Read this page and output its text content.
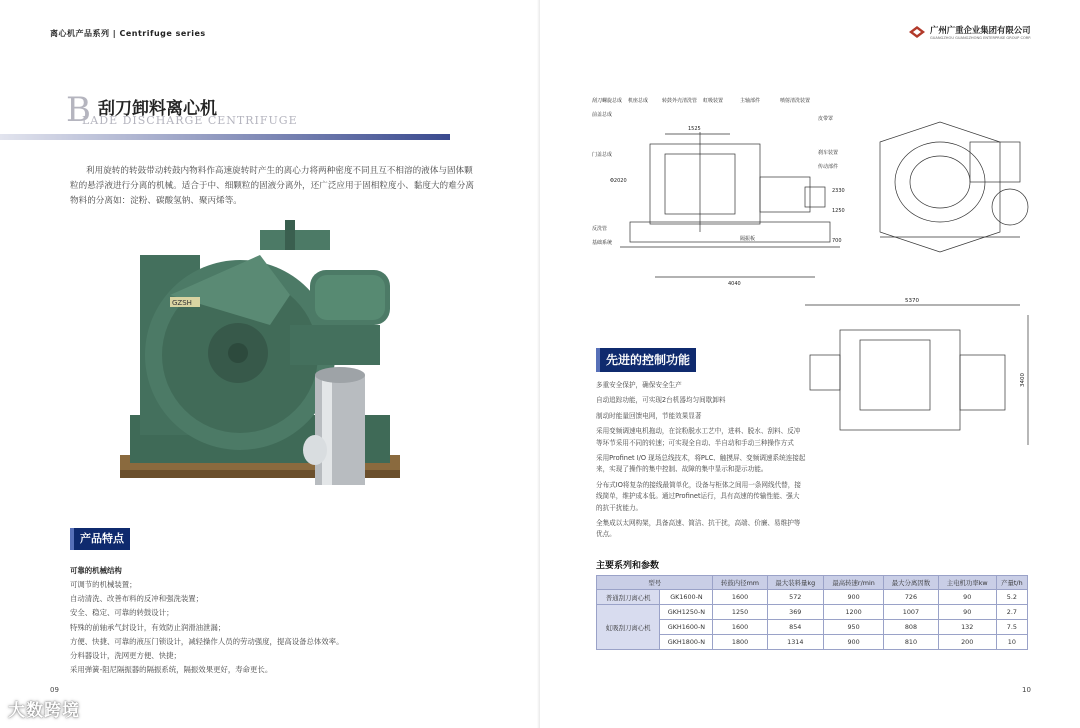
离心机产品系列 | Centrifuge series
B 刮刀卸料离心机
LADE DISCHARGE CENTRIFUGE

利用旋转的转鼓带动转鼓内物料作高速旋转时产生的离心力将两种密度不同且互不相溶的液体与固体颗粒的悬浮液进行分离的机械。适合于中、细颗粒的固液分离外，还广泛应用于固相粒度小、黏度大的难分离物料的分离如：淀粉、碳酸氢钠、聚丙烯等。

GZSH
产品特点
可靠的机械结构
可调节的机械装置；
自动清洗、改善布料的反冲和强洗装置；
安全、稳定、可靠的转鼓设计；
特殊的前轴承气封设计，有效防止润滑油泄漏；
方便、快捷、可靠的液压门锁设计，减轻操作人员的劳动强度，提高设备总体效率。
分料器设计，洗网更方便、快捷；
采用弹簧-阻尼隔振器的隔振系统，隔振效果更好，寿命更长。
09
大数跨境
广州广重企业集团有限公司
GUANGZHOU GUANGZHONG ENTERPRISE GROUP CORP.
刮刀螺旋总成 机座总成	转鼓外壳清洗管 虹吸装置	主轴部件	喷射清洗装置
前盖总成
门盖总成
反洗管
基础系统
皮带罩
刹车装置
传动部件
隔振板
1525
Φ2020
2330
1250
700
4040
5370
3400
先进的控制功能
多重安全保护，确保安全生产
自动追踪功能，可实现2台机器均匀间歇卸料
制动时能量回馈电网，节能效果显著
采用变频调速电机拖动，在淀粉脱水工艺中，进料、脱水、刮料、反冲等环节采用不同的转速；可实现全自动、半自动和手动三种操作方式
采用Profinet I/O 现场总线技术，将PLC、触摸屏、变频调速系统连接起来，实现了操作的集中控制、故障的集中显示和提示功能。
分布式IO将复杂的接线最简单化，设备与柜体之间用一条网线代替，接线简单，维护成本低。通过Profinet运行，具有高速的传输性能、强大的抗干扰能力。
全集成以太网构架，具备高速、简洁、抗干扰，高端、价廉、易维护等优点。
主要系列和参数
型号		转鼓内径mm	最大装料量kg	最高转速r/min	最大分离因数	主电机功率kw	产量t/h
普通刮刀离心机	GK1600-N	1600	572	900	726	90	5.2
虹吸刮刀离心机	GKH1250-N	1250	369	1200	1007	90	2.7
	GKH1600-N	1600	854	950	808	132	7.5
	GKH1800-N	1800	1314	900	810	200	10
10
